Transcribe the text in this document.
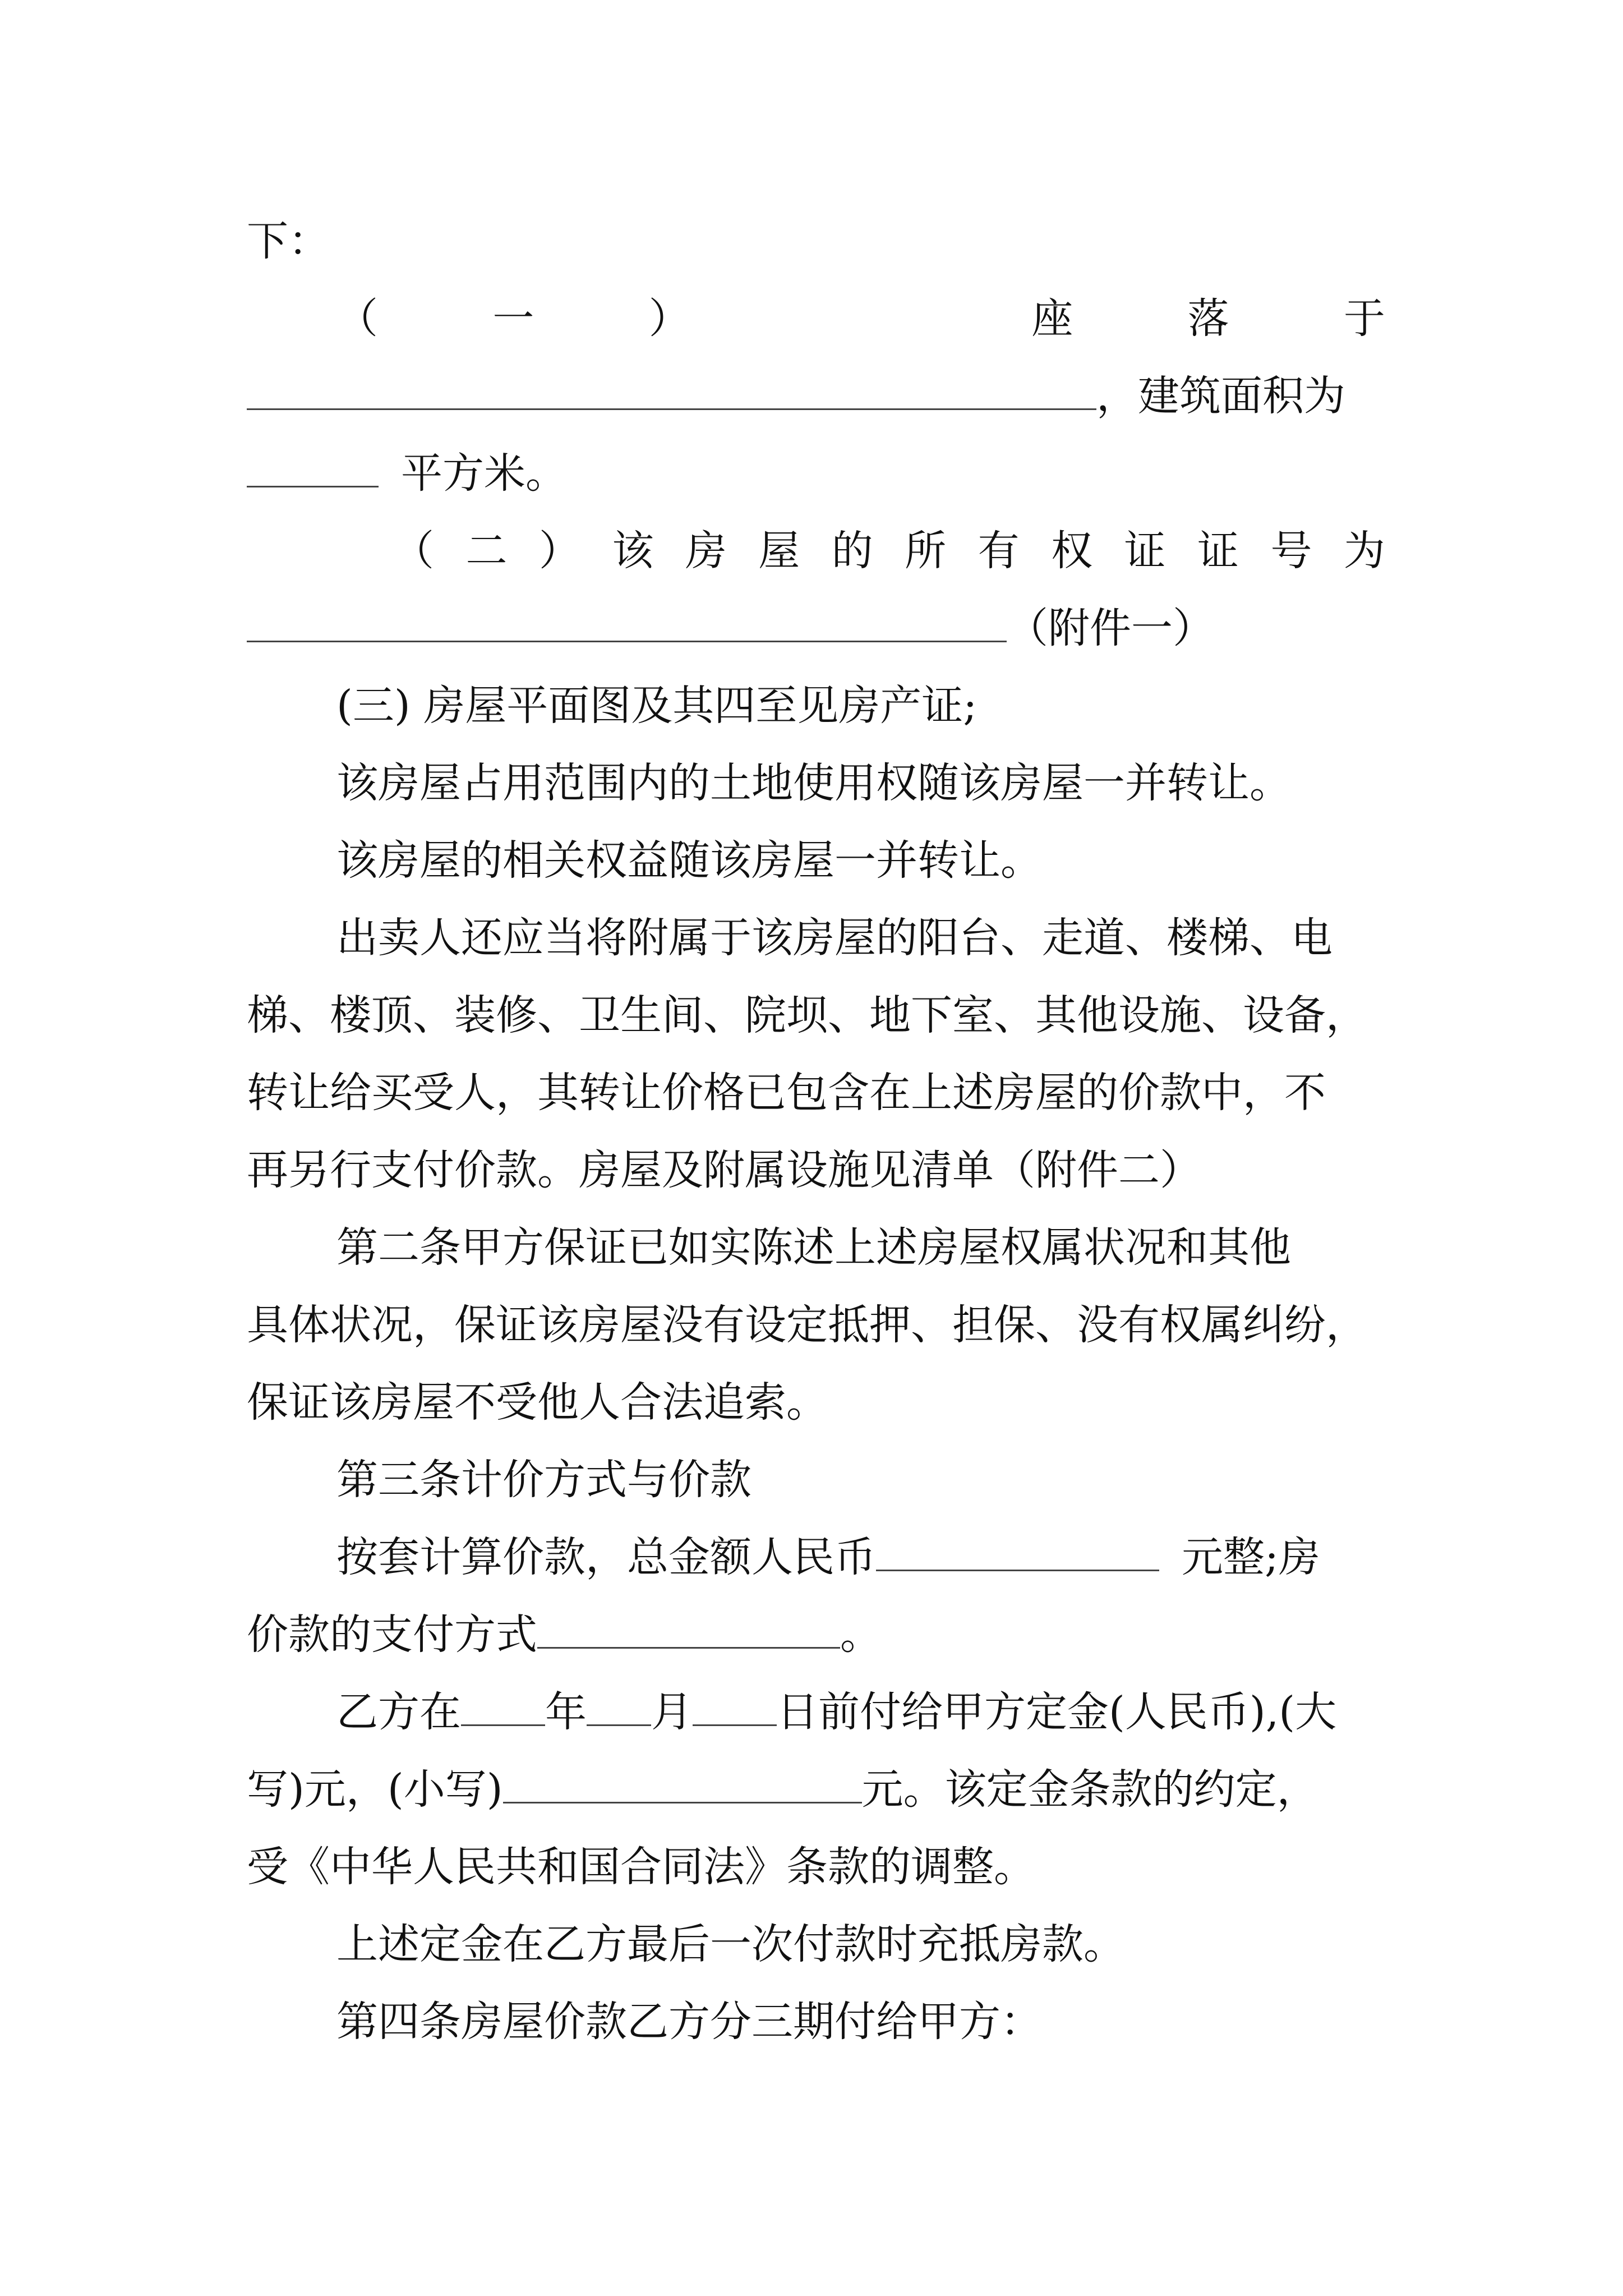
下：
（	一	）	座	落	于
，建筑面积为
平方米。
（ 二 ） 该 房 屋 的 所 有 权 证 证 号 为
（附件一）
(三) 房屋平面图及其四至见房产证;
该房屋占用范围内的土地使用权随该房屋一并转让。
该房屋的相关权益随该房屋一并转让。
出卖人还应当将附属于该房屋的阳台、走道、楼梯、电
梯、楼顶、装修、卫生间、院坝、地下室、其他设施、设备，
转让给买受人，其转让价格已包含在上述房屋的价款中，不
再另行支付价款。房屋及附属设施见清单（附件二）
第二条甲方保证已如实陈述上述房屋权属状况和其他
具体状况，保证该房屋没有设定抵押、担保、没有权属纠纷，
保证该房屋不受他人合法追索。
第三条计价方式与价款
按套计算价款，总金额人民币	元整;房
价款的支付方式	。
乙方在 年 月 日前付给甲方定金(人民币),(大
写)元，(小写)	元。该定金条款的约定，
受《中华人民共和国合同法》条款的调整。
上述定金在乙方最后一次付款时充抵房款。
第四条房屋价款乙方分三期付给甲方：
